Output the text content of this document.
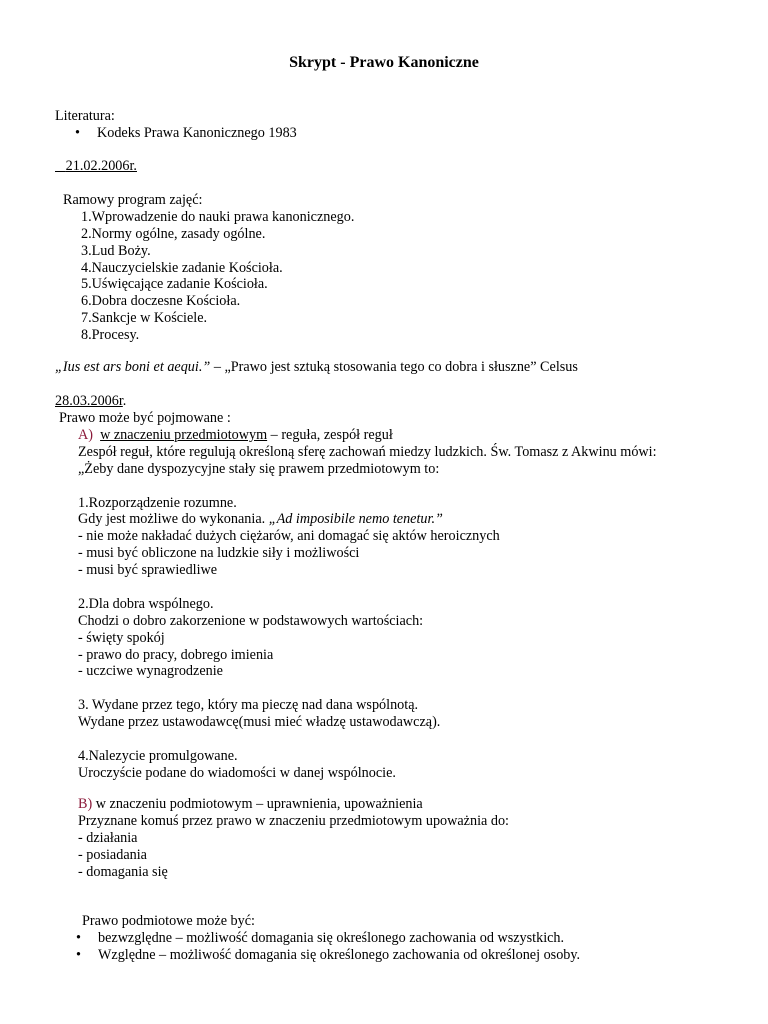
Skrypt - Prawo Kanoniczne
Literatura:
• Kodeks Prawa Kanonicznego 1983
21.02.2006r.
Ramowy program zajęć:
1.Wprowadzenie do nauki prawa kanonicznego.
2.Normy ogólne, zasady ogólne.
3.Lud Boży.
4.Nauczycielskie zadanie Kościoła.
5.Uświęcające zadanie Kościoła.
6.Dobra doczesne Kościoła.
7.Sankcje w Kościele.
8.Procesy.
„Ius est ars boni et aequi.” – „Prawo jest sztuką stosowania tego co dobra i słuszne” Celsus
28.03.2006r.
Prawo może być pojmowane :
A) w znaczeniu przedmiotowym – reguła, zespół reguł
Zespół reguł, które regulują określoną sferę zachowań miedzy ludzkich. Św. Tomasz z Akwinu mówi:
„Żeby dane dyspozycyjne stały się prawem przedmiotowym to:
1.Rozporządzenie rozumne.
Gdy jest możliwe do wykonania. „Ad imposibile nemo tenetur.”
- nie może nakładać dużych ciężarów, ani domagać się aktów heroicznych
- musi być obliczone na ludzkie siły i możliwości
- musi być sprawiedliwe
2.Dla dobra wspólnego.
Chodzi o dobro zakorzenione w podstawowych wartościach:
- święty spokój
- prawo do pracy, dobrego imienia
- uczciwe wynagrodzenie
3. Wydane przez tego, który ma pieczę nad dana wspólnotą.
Wydane przez ustawodawcę(musi mieć władzę ustawodawczą).
4.Nalezycie promulgowane.
Uroczyście podane do wiadomości w danej wspólnocie.
B) w znaczeniu podmiotowym – uprawnienia, upoważnienia
Przyznane komuś przez prawo w znaczeniu przedmiotowym upoważnia do:
- działania
- posiadania
- domagania się
Prawo podmiotowe może być:
• bezwzględne – możliwość domagania się określonego zachowania od wszystkich.
• Względne – możliwość domagania się określonego zachowania od określonej osoby.
